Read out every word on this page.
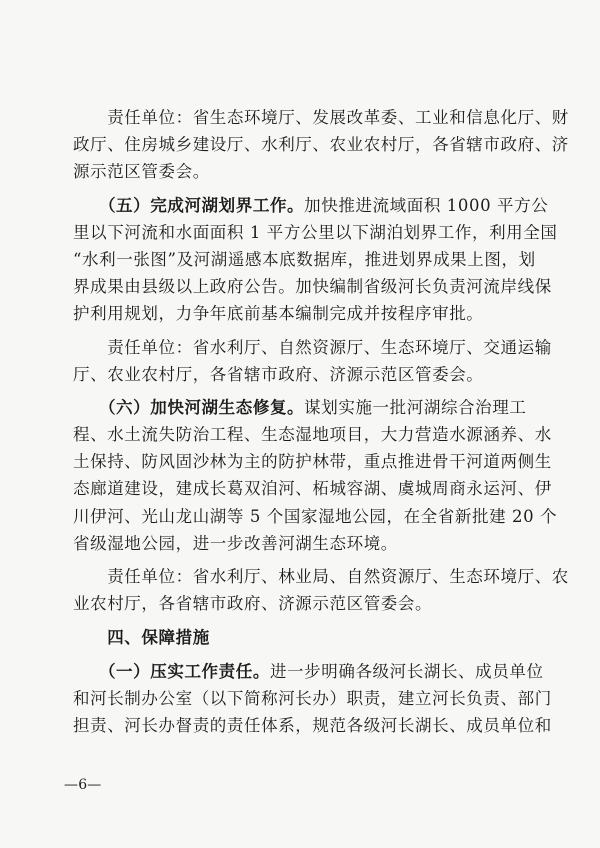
　　责任单位：省生态环境厅、发展改革委、工业和信息化厅、财
政厅、住房城乡建设厅、水利厅、农业农村厅，各省辖市政府、济
源示范区管委会。
　　（五）完成河湖划界工作。加快推进流域面积 1000 平方公
里以下河流和水面面积 1 平方公里以下湖泊划界工作，利用全国
“水利一张图”及河湖遥感本底数据库，推进划界成果上图，划
界成果由县级以上政府公告。加快编制省级河长负责河流岸线保
护利用规划，力争年底前基本编制完成并按程序审批。
　　责任单位：省水利厅、自然资源厅、生态环境厅、交通运输
厅、农业农村厅，各省辖市政府、济源示范区管委会。
　　（六）加快河湖生态修复。谋划实施一批河湖综合治理工
程、水土流失防治工程、生态湿地项目，大力营造水源涵养、水
土保持、防风固沙林为主的防护林带，重点推进骨干河道两侧生
态廊道建设，建成长葛双洎河、柘城容湖、虞城周商永运河、伊
川伊河、光山龙山湖等 5 个国家湿地公园，在全省新批建 20 个
省级湿地公园，进一步改善河湖生态环境。
　　责任单位：省水利厅、林业局、自然资源厅、生态环境厅、农
业农村厅，各省辖市政府、济源示范区管委会。
　　四、保障措施
　　（一）压实工作责任。进一步明确各级河长湖长、成员单位
和河长制办公室（以下简称河长办）职责，建立河长负责、部门
担责、河长办督责的责任体系，规范各级河长湖长、成员单位和
—6—
